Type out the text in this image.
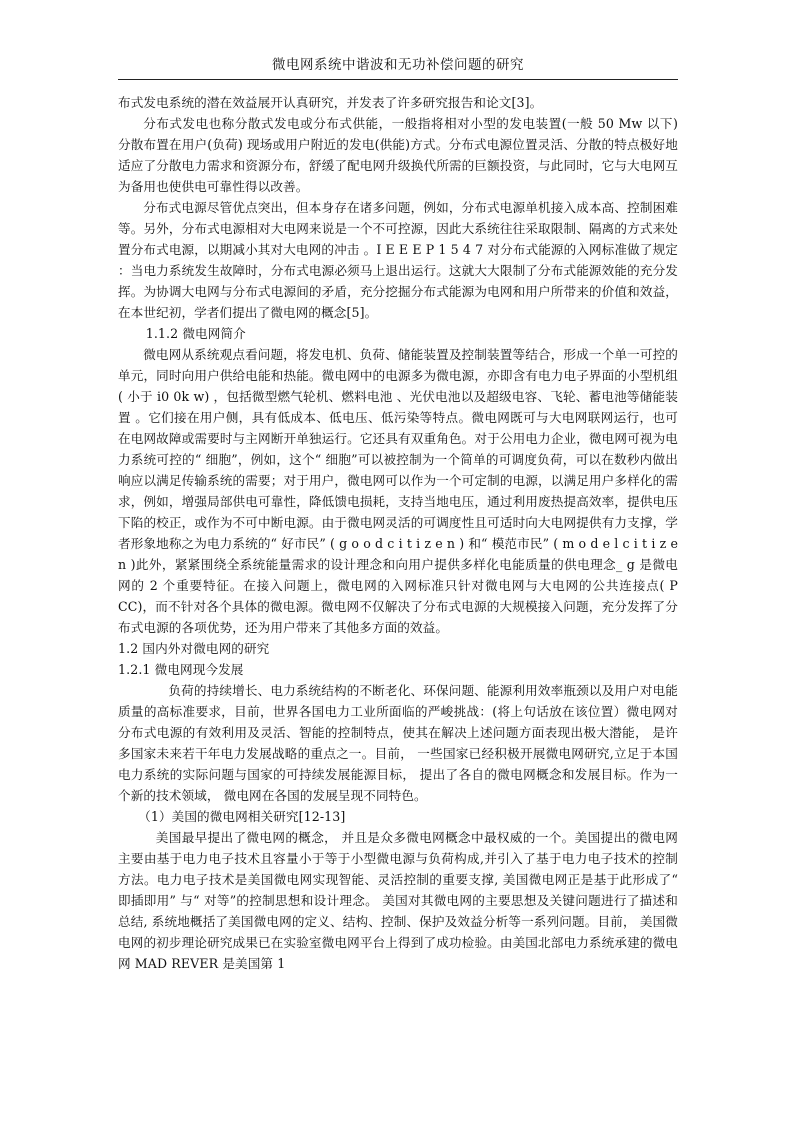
微电网系统中谐波和无功补偿问题的研究

布式发电系统的潜在效益展开认真研究，并发表了许多研究报告和论文[3]。

分布式发电也称分散式发电或分布式供能，一般指将相对小型的发电装置(一般 50 Mw 以下) 分散布置在用户(负荷) 现场或用户附近的发电(供能)方式。分布式电源位置灵活、分散的特点极好地适应了分散电力需求和资源分布，舒缓了配电网升级换代所需的巨额投资，与此同时，它与大电网互为备用也使供电可靠性得以改善。

分布式电源尽管优点突出，但本身存在诸多问题，例如，分布式电源单机接入成本高、控制困难等。另外，分布式电源相对大电网来说是一个不可控源，因此大系统往往采取限制、隔离的方式来处置分布式电源，以期减小其对大电网的冲击 。I E E E P 1 5 4 7 对分布式能源的入网标准做了规定 ：当电力系统发生故障时，分布式电源必须马上退出运行。这就大大限制了分布式能源效能的充分发挥。为协调大电网与分布式电源间的矛盾，充分挖掘分布式能源为电网和用户所带来的价值和效益，在本世纪初，学者们提出了微电网的概念[5]。

1.1.2 微电网简介

微电网从系统观点看问题，将发电机、负荷、储能装置及控制装置等结合，形成一个单一可控的单元，同时向用户供给电能和热能。微电网中的电源多为微电源，亦即含有电力电子界面的小型机组( 小于 i0 0k w) ，包括微型燃气轮机、燃料电池 、光伏电池以及超级电容、飞轮、蓄电池等储能装置 。它们接在用户侧，具有低成本、低电压、低污染等特点。微电网既可与大电网联网运行，也可在电网故障或需要时与主网断开单独运行。它还具有双重角色。对于公用电力企业，微电网可视为电力系统可控的“ 细胞”，例如，这个“ 细胞”可以被控制为一个简单的可调度负荷，可以在数秒内做出响应以满足传输系统的需要；对于用户，微电网可以作为一个可定制的电源，以满足用户多样化的需求，例如，增强局部供电可靠性，降低馈电损耗，支持当地电压，通过利用废热提高效率，提供电压下陷的校正，或作为不可中断电源。由于微电网灵活的可调度性且可适时向大电网提供有力支撑，学者形象地称之为电力系统的“ 好市民” ( g o o d c i t i z e n ) 和“ 模范市民” ( m o d e l c i t i z e n )此外，紧紧围绕全系统能量需求的设计理念和向用户提供多样化电能质量的供电理念_ g 是微电网的 2 个重要特征。在接入问题上，微电网的入网标准只针对微电网与大电网的公共连接点( P CC)，而不针对各个具体的微电源。微电网不仅解决了分布式电源的大规模接入问题，充分发挥了分布式电源的各项优势，还为用户带来了其他多方面的效益。

1.2 国内外对微电网的研究

1.2.1 微电网现今发展

负荷的持续增长、电力系统结构的不断老化、环保问题、能源利用效率瓶颈以及用户对电能质量的高标准要求，目前，世界各国电力工业所面临的严峻挑战：(将上句话放在该位置）微电网对分布式电源的有效利用及灵活、智能的控制特点，使其在解决上述问题方面表现出极大潜能， 是许多国家未来若干年电力发展战略的重点之一。目前， 一些国家已经积极开展微电网研究,立足于本国电力系统的实际问题与国家的可持续发展能源目标， 提出了各自的微电网概念和发展目标。作为一个新的技术领域， 微电网在各国的发展呈现不同特色。

（1）美国的微电网相关研究[12-13]

美国最早提出了微电网的概念， 并且是众多微电网概念中最权威的一个。美国提出的微电网主要由基于电力电子技术且容量小于等于小型微电源与负荷构成,并引入了基于电力电子技术的控制方法。电力电子技术是美国微电网实现智能、灵活控制的重要支撑, 美国微电网正是基于此形成了“ 即插即用” 与“ 对等”的控制思想和设计理念。 美国对其微电网的主要思想及关键问题进行了描述和总结, 系统地概括了美国微电网的定义、结构、控制、保护及效益分析等一系列问题。目前， 美国微电网的初步理论研究成果已在实验室微电网平台上得到了成功检验。由美国北部电力系统承建的微电网 MAD REVER 是美国第 1
